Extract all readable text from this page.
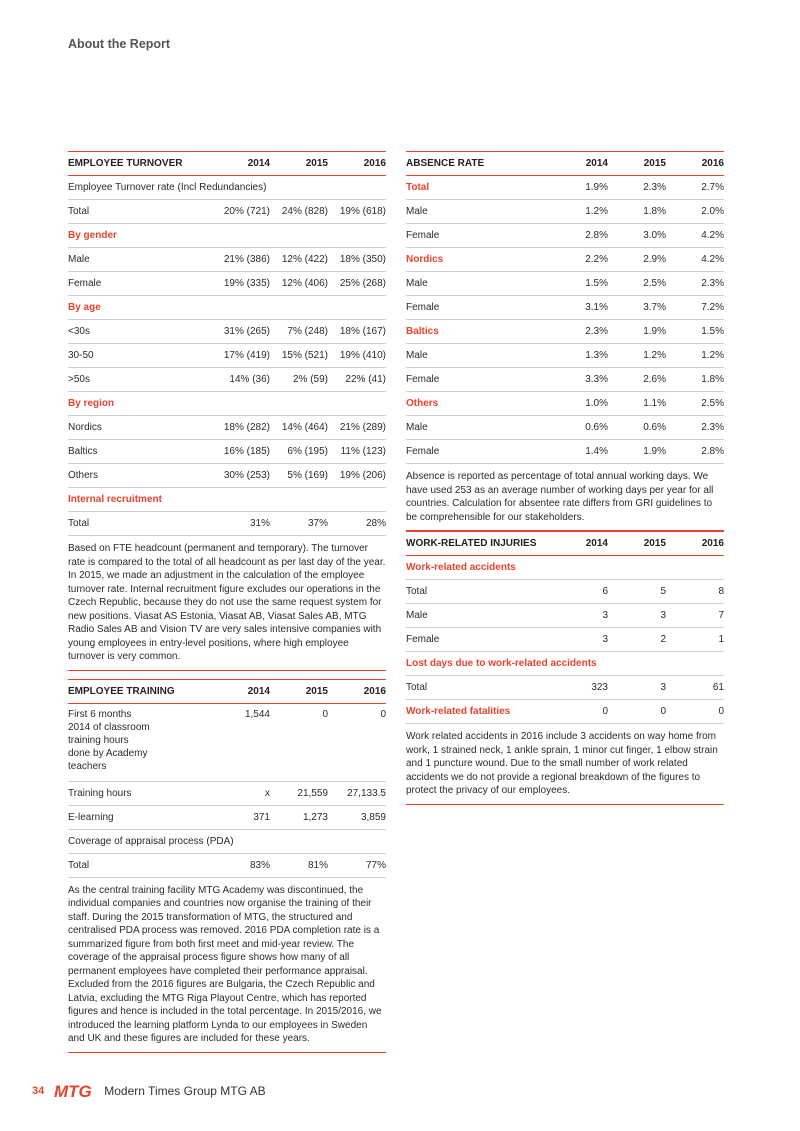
About the Report
EMPLOYEE TURNOVER	2014	2015	2016
Employee Turnover rate (Incl Redundancies)			
Total	20% (721)	24% (828)	19% (618)
By gender			
Male	21% (386)	12% (422)	18% (350)
Female	19% (335)	12% (406)	25% (268)
By age			
<30s	31% (265)	7% (248)	18% (167)
30-50	17% (419)	15% (521)	19% (410)
>50s	14% (36)	2% (59)	22% (41)
By region			
Nordics	18% (282)	14% (464)	21% (289)
Baltics	16% (185)	6% (195)	11% (123)
Others	30% (253)	5% (169)	19% (206)
Internal recruitment			
Total	31%	37%	28%
Based on FTE headcount (permanent and temporary). The turnover rate is compared to the total of all headcount as per last day of the year. In 2015, we made an adjustment in the calculation of the employee turnover rate. Internal recruitment figure excludes our operations in the Czech Republic, because they do not use the same request system for new positions. Viasat AS Estonia, Viasat AB, Viasat Sales AB, MTG Radio Sales AB and Vision TV are very sales intensive companies with young employees in entry-level positions, where high employee turnover is very common.
EMPLOYEE TRAINING	2014	2015	2016
First 6 months 2014 of classroom training hours done by Academy teachers	1,544	0	0
Training hours	x	21,559	27,133.5
E-learning	371	1,273	3,859
Coverage of appraisal process (PDA)			
Total	83%	81%	77%
As the central training facility MTG Academy was discontinued, the individual companies and countries now organise the training of their staff. During the 2015 transformation of MTG, the structured and centralised PDA process was removed. 2016 PDA completion rate is a summarized figure from both first meet and mid-year review. The coverage of the appraisal process figure shows how many of all permanent employees have completed their performance appraisal. Excluded from the 2016 figures are Bulgaria, the Czech Republic and Latvia, excluding the MTG Riga Playout Centre, which has reported figures and hence is included in the total percentage. In 2015/2016, we introduced the learning platform Lynda to our employees in Sweden and UK and these figures are included for these years.
ABSENCE RATE	2014	2015	2016
Total	1.9%	2.3%	2.7%
Male	1.2%	1.8%	2.0%
Female	2.8%	3.0%	4.2%
Nordics	2.2%	2.9%	4.2%
Male	1.5%	2.5%	2.3%
Female	3.1%	3.7%	7.2%
Baltics	2.3%	1.9%	1.5%
Male	1.3%	1.2%	1.2%
Female	3.3%	2.6%	1.8%
Others	1.0%	1.1%	2.5%
Male	0.6%	0.6%	2.3%
Female	1.4%	1.9%	2.8%
Absence is reported as percentage of total annual working days. We have used 253 as an average number of working days per year for all countries. Calculation for absentee rate differs from GRI guidelines to be comprehensible for our stakeholders.
WORK-RELATED INJURIES	2014	2015	2016
Work-related accidents			
Total	6	5	8
Male	3	3	7
Female	3	2	1
Lost days due to work-related accidents			
Total	323	3	61
Work-related fatalities	0	0	0
Work related accidents in 2016 include 3 accidents on way home from work, 1 strained neck, 1 ankle sprain, 1 minor cut finger, 1 elbow strain and 1 puncture wound. Due to the small number of work related accidents we do not provide a regional breakdown of the figures to protect the privacy of our employees.
34 MTG Modern Times Group MTG AB
